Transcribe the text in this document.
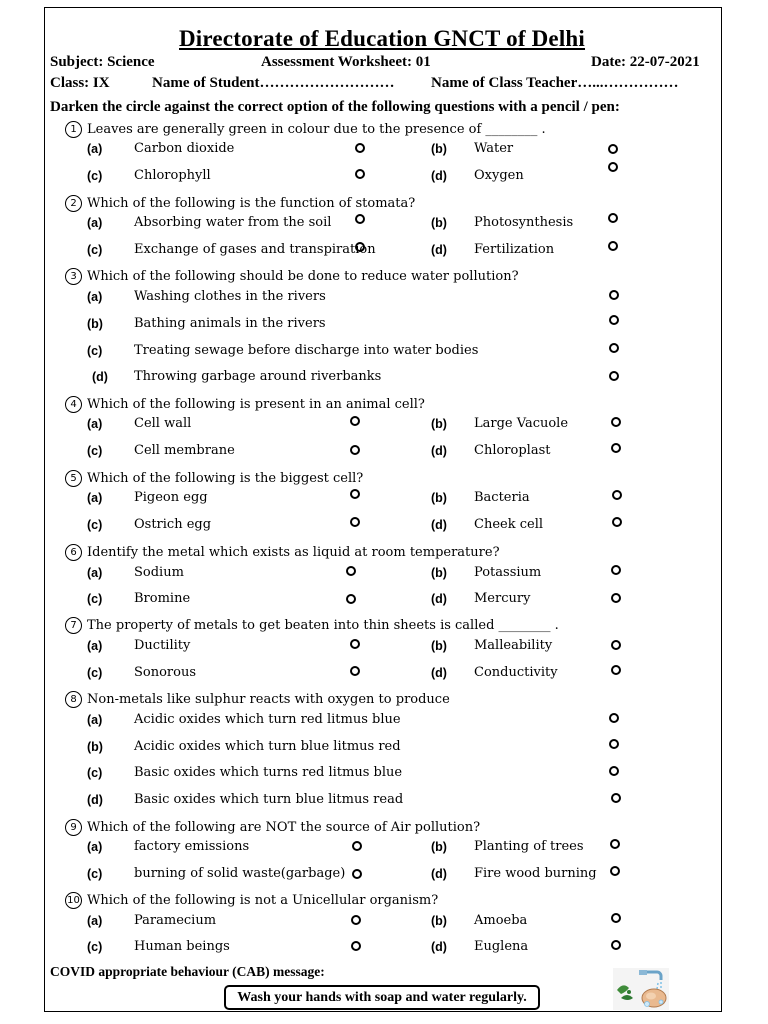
Directorate of Education GNCT of Delhi
Subject: Science	Assessment Worksheet: 01	Date: 22-07-2021
Class: IX	Name of Student……………………… Name of Class Teacher…...……………
Darken the circle against the correct option of the following questions with a pencil / pen:
1 Leaves are generally green in colour due to the presence of ________ .
(a) Carbon dioxide	(b) Water
(c) Chlorophyll	(d) Oxygen
2 Which of the following is the function of stomata?
(a) Absorbing water from the soil	(b) Photosynthesis
(c) Exchange of gases and transpiration	(d) Fertilization
3 Which of the following should be done to reduce water pollution?
(a) Washing clothes in the rivers
(b) Bathing animals in the rivers
(c) Treating sewage before discharge into water bodies
(d) Throwing garbage around riverbanks
4 Which of the following is present in an animal cell?
(a) Cell wall	(b) Large Vacuole
(c) Cell membrane	(d) Chloroplast
5 Which of the following is the biggest cell?
(a) Pigeon egg	(b) Bacteria
(c) Ostrich egg	(d) Cheek cell
6 Identify the metal which exists as liquid at room temperature?
(a) Sodium	(b) Potassium
(c) Bromine	(d) Mercury
7 The property of metals to get beaten into thin sheets is called ________ .
(a) Ductility	(b) Malleability
(c) Sonorous	(d) Conductivity
8 Non-metals like sulphur reacts with oxygen to produce
(a) Acidic oxides which turn red litmus blue
(b) Acidic oxides which turn blue litmus red
(c) Basic oxides which turns red litmus blue
(d) Basic oxides which turn blue litmus read
9 Which of the following are NOT the source of Air pollution?
(a) factory emissions	(b) Planting of trees
(c) burning of solid waste(garbage)	(d) Fire wood burning
10 Which of the following is not a Unicellular organism?
(a) Paramecium	(b) Amoeba
(c) Human beings	(d) Euglena
COVID appropriate behaviour (CAB) message:
Wash your hands with soap and water regularly.
